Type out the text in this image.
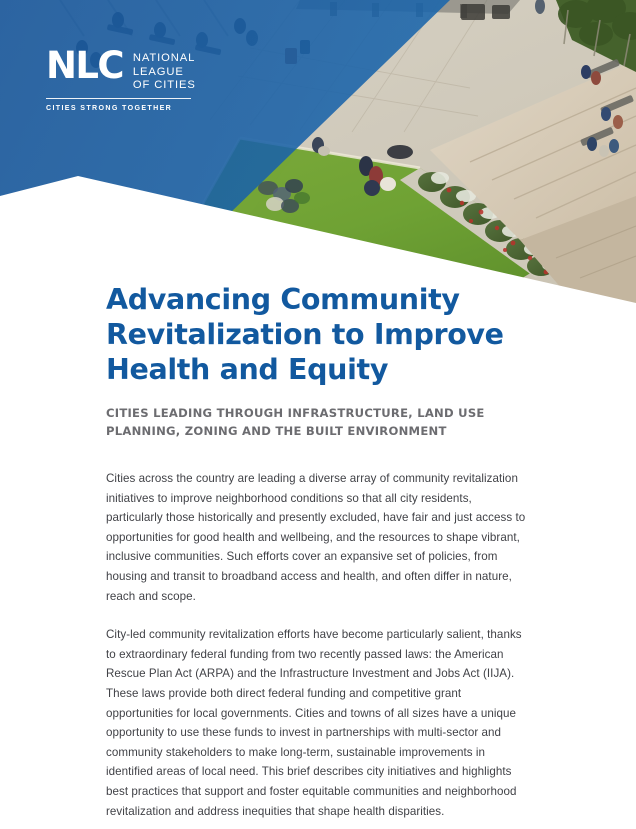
NLC NATIONAL
LEAGUE
OF CITIES
CITIES STRONG TOGETHER
Advancing Community Revitalization to Improve Health and Equity
CITIES LEADING THROUGH INFRASTRUCTURE, LAND USE PLANNING, ZONING AND THE BUILT ENVIRONMENT

Cities across the country are leading a diverse array of community revitalization initiatives to improve neighborhood conditions so that all city residents, particularly those historically and presently excluded, have fair and just access to opportunities for good health and wellbeing, and the resources to shape vibrant, inclusive communities. Such efforts cover an expansive set of policies, from housing and transit to broadband access and health, and often differ in nature, reach and scope.

City-led community revitalization efforts have become particularly salient, thanks to extraordinary federal funding from two recently passed laws: the American Rescue Plan Act (ARPA) and the Infrastructure Investment and Jobs Act (IIJA). These laws provide both direct federal funding and competitive grant opportunities for local governments. Cities and towns of all sizes have a unique opportunity to use these funds to invest in partnerships with multi-sector and community stakeholders to make long-term, sustainable improvements in identified areas of local need. This brief describes city initiatives and highlights best practices that support and foster equitable communities and neighborhood revitalization and address inequities that shape health disparities.
